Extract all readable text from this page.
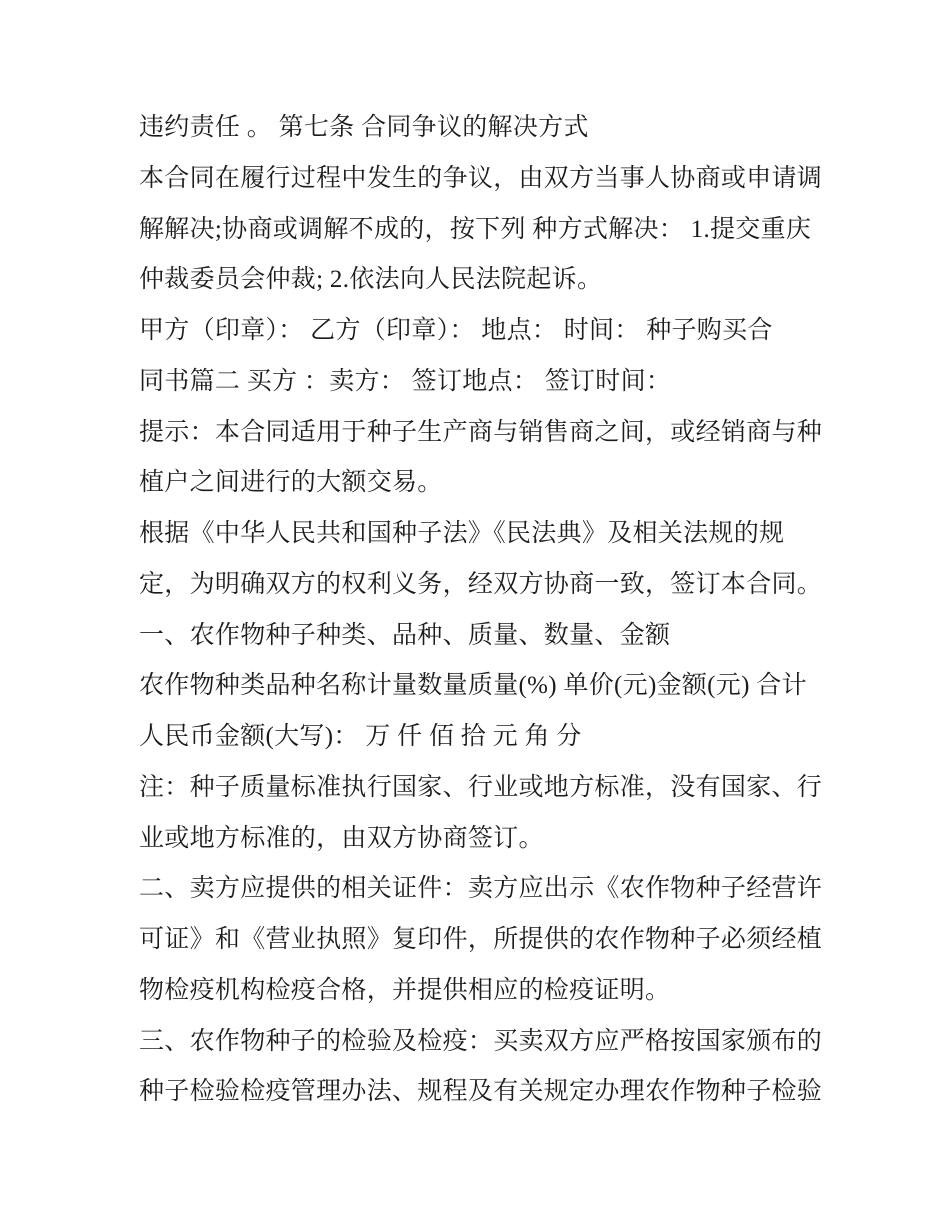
违约责任 。 第七条 合同争议的解决方式
本合同在履行过程中发生的争议，由双方当事人协商或申请调
解解决;协商或调解不成的，按下列 种方式解决： 1.提交重庆
仲裁委员会仲裁; 2.依法向人民法院起诉。
甲方（印章）： 乙方（印章）： 地点： 时间： 种子购买合
同书篇二 买方 ：卖方： 签订地点： 签订时间：
提示：本合同适用于种子生产商与销售商之间，或经销商与种
植户之间进行的大额交易。
根据《中华人民共和国种子法》《民法典》及相关法规的规
定，为明确双方的权利义务，经双方协商一致，签订本合同。
一、农作物种子种类、品种、质量、数量、金额
农作物种类品种名称计量数量质量(%) 单价(元)金额(元) 合计
人民币金额(大写)： 万 仟 佰 拾 元 角 分
注：种子质量标准执行国家、行业或地方标准，没有国家、行
业或地方标准的，由双方协商签订。
二、卖方应提供的相关证件：卖方应出示《农作物种子经营许
可证》和《营业执照》复印件，所提供的农作物种子必须经植
物检疫机构检疫合格，并提供相应的检疫证明。
三、农作物种子的检验及检疫：买卖双方应严格按国家颁布的
种子检验检疫管理办法、规程及有关规定办理农作物种子检验
